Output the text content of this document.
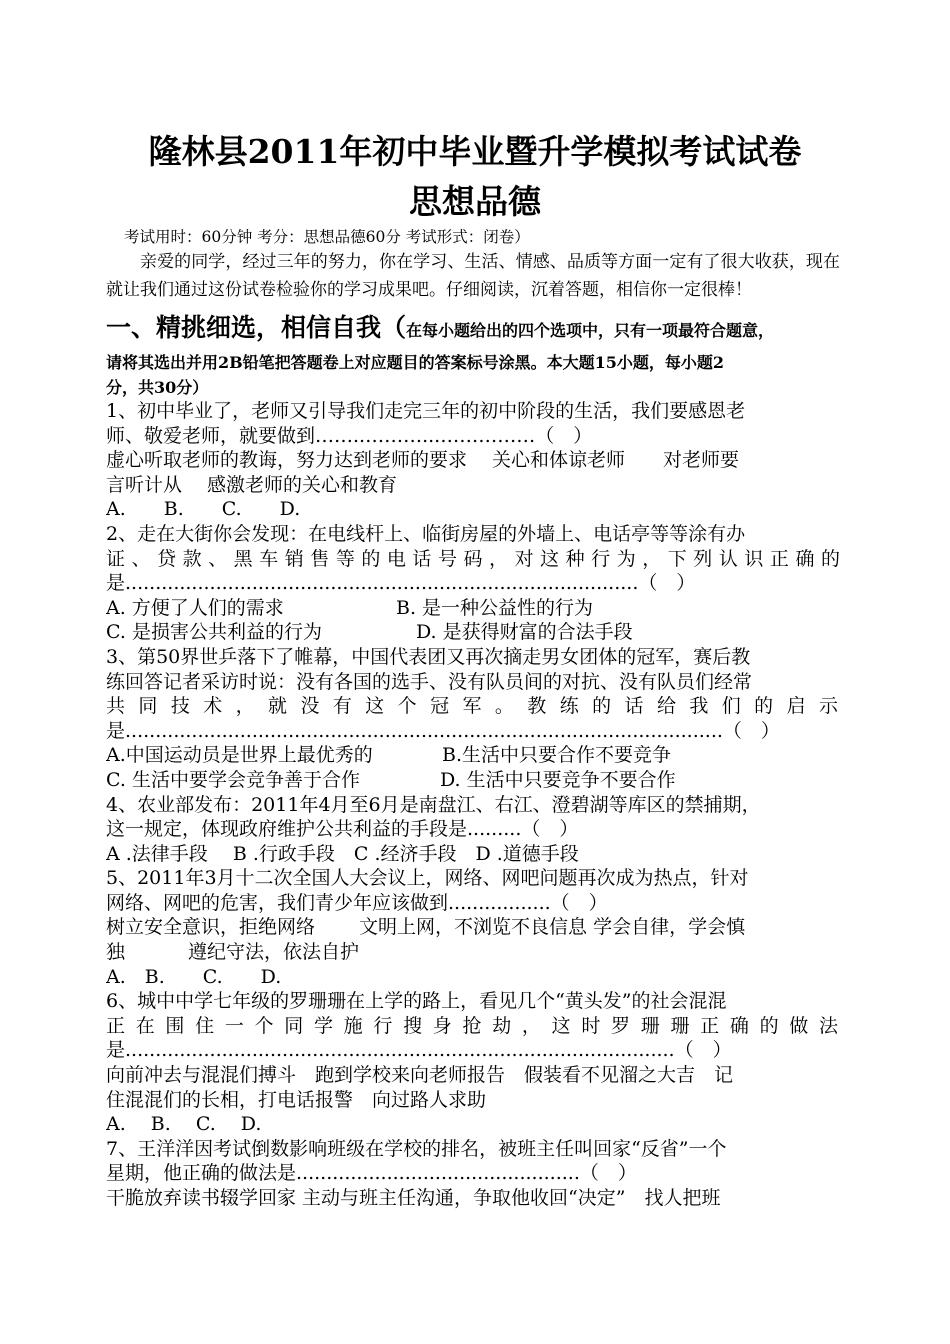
隆林县2011年初中毕业暨升学模拟考试试卷
思想品德
考试用时：60分钟 考分：思想品德60分 考试形式：闭卷）
亲爱的同学，经过三年的努力，你在学习、生活、情感、品质等方面一定有了很大收获，现在就让我们通过这份试卷检验你的学习成果吧。仔细阅读，沉着答题，相信你一定很棒！
一、精挑细选，相信自我（在每小题给出的四个选项中，只有一项最符合题意，
请将其选出并用2B铅笔把答题卷上对应题目的答案标号涂黑。本大题15小题，每小题2
分，共30分）
1、初中毕业了，老师又引导我们走完三年的初中阶段的生活，我们要感恩老
师、敬爱老师，就要做到……..………...……………（　）
虚心听取老师的教诲，努力达到老师的要求　 关心和体谅老师　　对老师要
言听计从　 感激老师的关心和教育
A.　　B.　　C.　　D.
2、走在大街你会发现：在电线杆上、临街房屋的外墙上、电话亭等等涂有办
证、贷款、黑车销售等的电话号码，对这种行为，下列认识正确的
是.....................................................................................（　）
A. 方便了人们的需求	B. 是一种公益性的行为
C. 是损害公共利益的行为	D. 是获得财富的合法手段
3、第50界世乒落下了帷幕，中国代表团又再次摘走男女团体的冠军，赛后教
练回答记者采访时说：没有各国的选手、没有队员间的对抗、没有队员们经常
共同技术，就没有这个冠军。教练的话给我们的启示
是...................................................................................................（　）
A.中国运动员是世界上最优秀的	B.生活中只要合作不要竞争
C. 生活中要学会竞争善于合作	D. 生活中只要竞争不要合作
4、农业部发布：2011年4月至6月是南盘江、右江、澄碧湖等库区的禁捕期，
这一规定，体现政府维护公共利益的手段是.........（　）
A .法律手段　 B .行政手段　C .经济手段　D .道德手段
5、2011年3月十二次全国人大会议上，网络、网吧问题再次成为热点，针对
网络、网吧的危害，我们青少年应该做到.................（　）
树立安全意识，拒绝网络　　 文明上网，不浏览不良信息 学会自律，学会慎
独　　　 遵纪守法，依法自护
A.　B.　　C.　　D.
6、城中中学七年级的罗珊珊在上学的路上，看见几个“黄头发”的社会混混
正在围住一个同学施行搜身抢劫，这时罗珊珊正确的做法
是...........................................................................................（　）
向前冲去与混混们搏斗　跑到学校来向老师报告　假装看不见溜之大吉　记
住混混们的长相，打电话报警　向过路人求助
A.　 B.　 C.　 D.
7、王洋洋因考试倒数影响班级在学校的排名，被班主任叫回家“反省”一个
星期，他正确的做法是...............................................（　）
干脆放弃读书辍学回家 主动与班主任沟通，争取他收回“决定”　找人把班
